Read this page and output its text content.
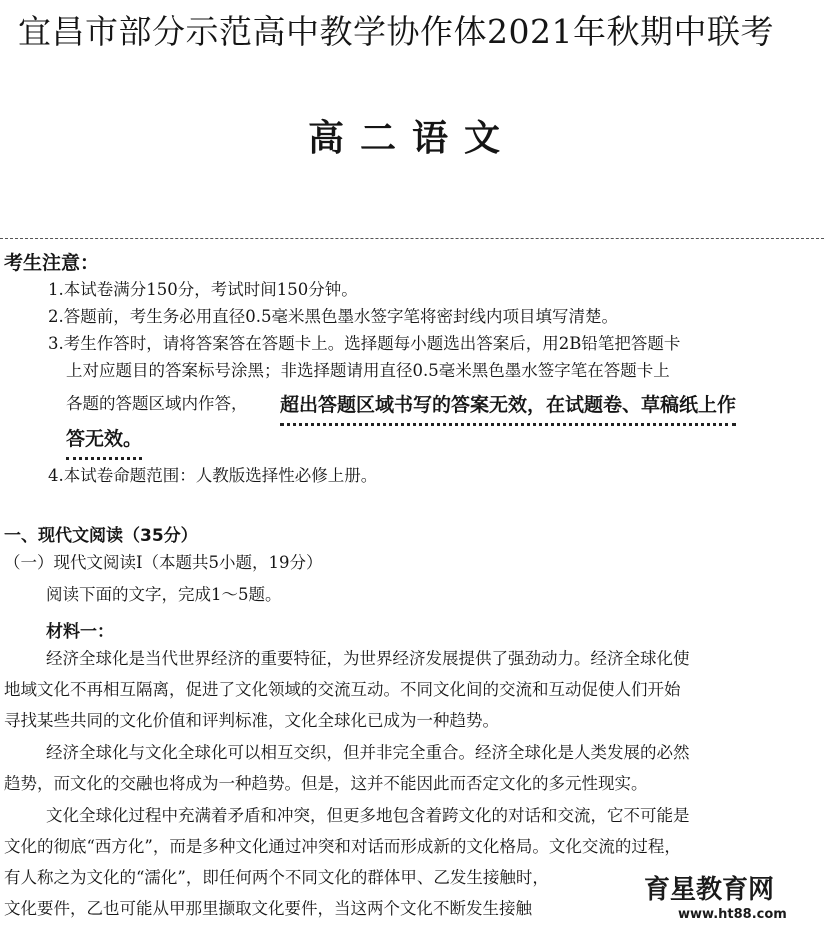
宜昌市部分示范高中教学协作体2021年秋期中联考
高二语文
考生注意：
1.本试卷满分150分，考试时间150分钟。
2.答题前，考生务必用直径0.5毫米黑色墨水签字笔将密封线内项目填写清楚。
3.考生作答时，请将答案答在答题卡上。选择题每小题选出答案后，用2B铅笔把答题卡
上对应题目的答案标号涂黑；非选择题请用直径0.5毫米黑色墨水签字笔在答题卡上
各题的答题区域内作答， 超出答题区域书写的答案无效，在试题卷、草稿纸上作
答无效。
4.本试卷命题范围：人教版选择性必修上册。
一、现代文阅读（35分）
（一）现代文阅读Ⅰ（本题共5小题，19分）
阅读下面的文字，完成1～5题。
材料一：
经济全球化是当代世界经济的重要特征，为世界经济发展提供了强劲动力。经济全球化使
地域文化不再相互隔离，促进了文化领域的交流互动。不同文化间的交流和互动促使人们开始
寻找某些共同的文化价值和评判标准，文化全球化已成为一种趋势。
经济全球化与文化全球化可以相互交织，但并非完全重合。经济全球化是人类发展的必然
趋势，而文化的交融也将成为一种趋势。但是，这并不能因此而否定文化的多元性现实。
文化全球化过程中充满着矛盾和冲突，但更多地包含着跨文化的对话和交流，它不可能是
文化的彻底“西方化”，而是多种文化通过冲突和对话而形成新的文化格局。文化交流的过程，
有人称之为文化的“濡化”，即任何两个不同文化的群体甲、乙发生接触时，
文化要件，乙也可能从甲那里撷取文化要件，当这两个文化不断发生接触
育星教育网
www.ht88.com
